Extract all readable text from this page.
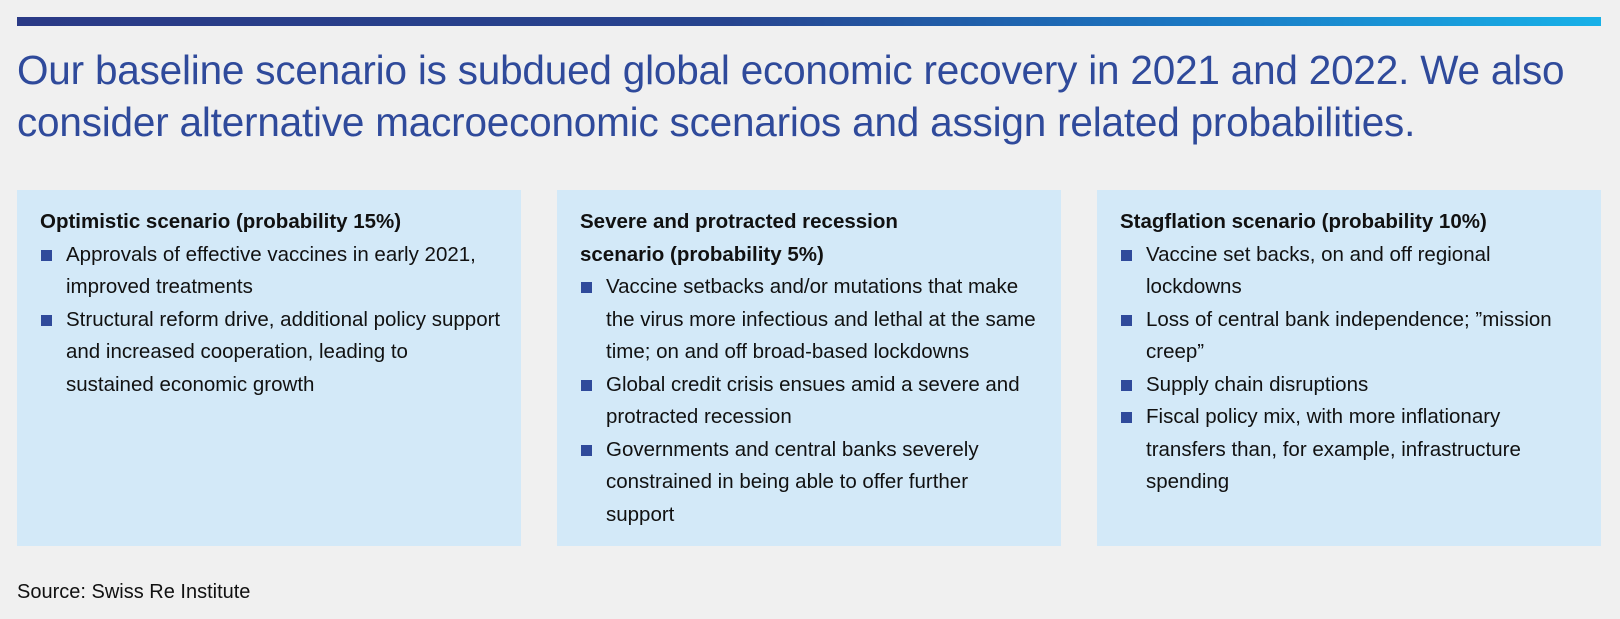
Our baseline scenario is subdued global economic recovery in 2021 and 2022. We also consider alternative macroeconomic scenarios and assign related probabilities.
Optimistic scenario (probability 15%)
Approvals of effective vaccines in early 2021, improved treatments
Structural reform drive, additional policy support and increased cooperation, leading to sustained economic growth
Severe and protracted recession scenario (probability 5%)
Vaccine setbacks and/or mutations that make the virus more infectious and lethal at the same time; on and off broad-based lockdowns
Global credit crisis ensues amid a severe and protracted recession
Governments and central banks severely constrained in being able to offer further support
Stagflation scenario (probability 10%)
Vaccine set backs, on and off regional lockdowns
Loss of central bank independence; ”mission creep”
Supply chain disruptions
Fiscal policy mix, with more inflationary transfers than, for example, infrastructure spending
Source: Swiss Re Institute
